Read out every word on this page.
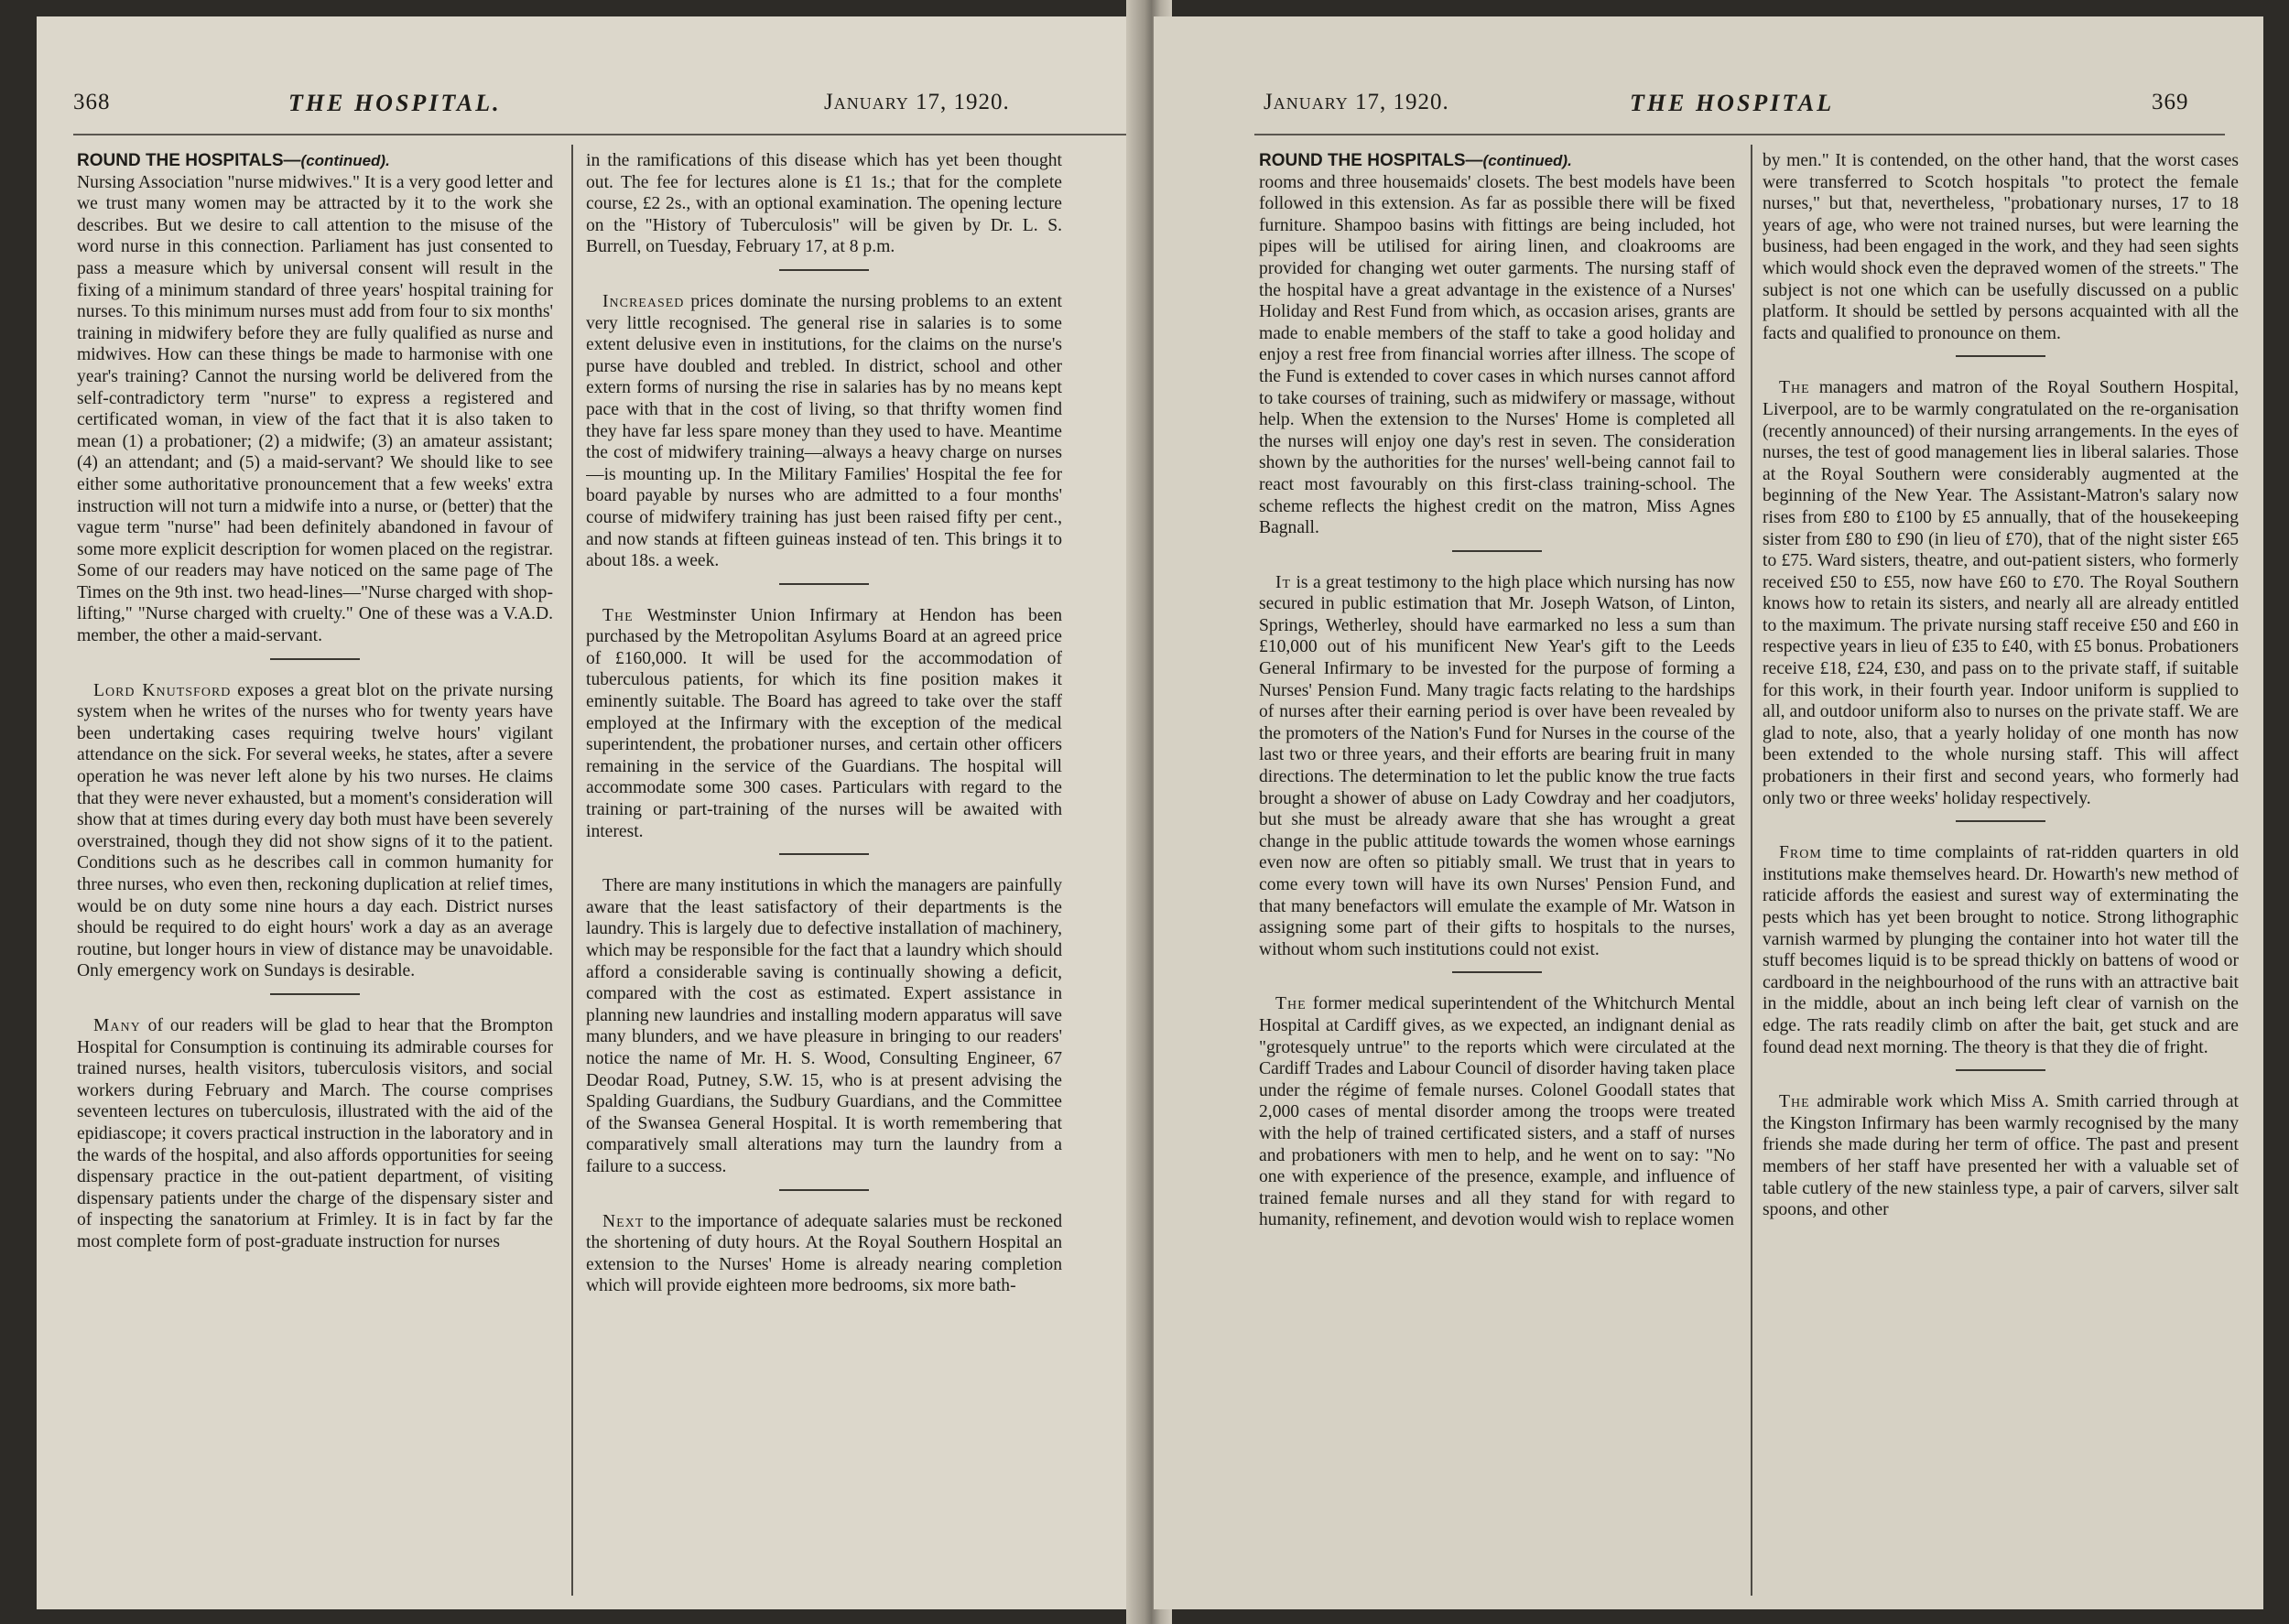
368	THE HOSPITAL.	January 17, 1920.

ROUND THE HOSPITALS—(continued).

Nursing Association "nurse midwives." It is a very good letter and we trust many women may be attracted by it to the work she describes. But we desire to call attention to the misuse of the word nurse in this connection. Parliament has just consented to pass a measure which by universal consent will result in the fixing of a minimum standard of three years' hospital training for nurses. To this minimum nurses must add from four to six months' training in midwifery before they are fully qualified as nurse and midwives. How can these things be made to harmonise with one year's training? Cannot the nursing world be delivered from the self-contradictory term "nurse" to express a registered and certificated woman, in view of the fact that it is also taken to mean (1) a probationer; (2) a midwife; (3) an amateur assistant; (4) an attendant; and (5) a maid-servant? We should like to see either some authoritative pronouncement that a few weeks' extra instruction will not turn a midwife into a nurse, or (better) that the vague term "nurse" had been definitely abandoned in favour of some more explicit description for women placed on the registrar. Some of our readers may have noticed on the same page of The Times on the 9th inst. two head-lines—"Nurse charged with shop-lifting," "Nurse charged with cruelty." One of these was a V.A.D. member, the other a maid-servant.

Lord Knutsford exposes a great blot on the private nursing system when he writes of the nurses who for twenty years have been undertaking cases requiring twelve hours' vigilant attendance on the sick. For several weeks, he states, after a severe operation he was never left alone by his two nurses. He claims that they were never exhausted, but a moment's consideration will show that at times during every day both must have been severely overstrained, though they did not show signs of it to the patient. Conditions such as he describes call in common humanity for three nurses, who even then, reckoning duplication at relief times, would be on duty some nine hours a day each. District nurses should be required to do eight hours' work a day as an average routine, but longer hours in view of distance may be unavoidable. Only emergency work on Sundays is desirable.

Many of our readers will be glad to hear that the Brompton Hospital for Consumption is continuing its admirable courses for trained nurses, health visitors, tuberculosis visitors, and social workers during February and March. The course comprises seventeen lectures on tuberculosis, illustrated with the aid of the epidiascope; it covers practical instruction in the laboratory and in the wards of the hospital, and also affords opportunities for seeing dispensary practice in the out-patient department, of visiting dispensary patients under the charge of the dispensary sister and of inspecting the sanatorium at Frimley. It is in fact by far the most complete form of post-graduate instruction for nurses

in the ramifications of this disease which has yet been thought out. The fee for lectures alone is £1 1s.; that for the complete course, £2 2s., with an optional examination. The opening lecture on the "History of Tuberculosis" will be given by Dr. L. S. Burrell, on Tuesday, February 17, at 8 p.m.

Increased prices dominate the nursing problems to an extent very little recognised. The general rise in salaries is to some extent delusive even in institutions, for the claims on the nurse's purse have doubled and trebled. In district, school and other extern forms of nursing the rise in salaries has by no means kept pace with that in the cost of living, so that thrifty women find they have far less spare money than they used to have. Meantime the cost of midwifery training—always a heavy charge on nurses—is mounting up. In the Military Families' Hospital the fee for board payable by nurses who are admitted to a four months' course of midwifery training has just been raised fifty per cent., and now stands at fifteen guineas instead of ten. This brings it to about 18s. a week.

The Westminster Union Infirmary at Hendon has been purchased by the Metropolitan Asylums Board at an agreed price of £160,000. It will be used for the accommodation of tuberculous patients, for which its fine position makes it eminently suitable. The Board has agreed to take over the staff employed at the Infirmary with the exception of the medical superintendent, the probationer nurses, and certain other officers remaining in the service of the Guardians. The hospital will accommodate some 300 cases. Particulars with regard to the training or part-training of the nurses will be awaited with interest.

There are many institutions in which the managers are painfully aware that the least satisfactory of their departments is the laundry. This is largely due to defective installation of machinery, which may be responsible for the fact that a laundry which should afford a considerable saving is continually showing a deficit, compared with the cost as estimated. Expert assistance in planning new laundries and installing modern apparatus will save many blunders, and we have pleasure in bringing to our readers' notice the name of Mr. H. S. Wood, Consulting Engineer, 67 Deodar Road, Putney, S.W. 15, who is at present advising the Spalding Guardians, the Sudbury Guardians, and the Committee of the Swansea General Hospital. It is worth remembering that comparatively small alterations may turn the laundry from a failure to a success.

Next to the importance of adequate salaries must be reckoned the shortening of duty hours. At the Royal Southern Hospital an extension to the Nurses' Home is already nearing completion which will provide eighteen more bedrooms, six more bath-

January 17, 1920.	THE HOSPITAL	369

ROUND THE HOSPITALS—(continued).

rooms and three housemaids' closets. The best models have been followed in this extension. As far as possible there will be fixed furniture. Shampoo basins with fittings are being included, hot pipes will be utilised for airing linen, and cloakrooms are provided for changing wet outer garments. The nursing staff of the hospital have a great advantage in the existence of a Nurses' Holiday and Rest Fund from which, as occasion arises, grants are made to enable members of the staff to take a good holiday and enjoy a rest free from financial worries after illness. The scope of the Fund is extended to cover cases in which nurses cannot afford to take courses of training, such as midwifery or massage, without help. When the extension to the Nurses' Home is completed all the nurses will enjoy one day's rest in seven. The consideration shown by the authorities for the nurses' well-being cannot fail to react most favourably on this first-class training-school. The scheme reflects the highest credit on the matron, Miss Agnes Bagnall.

It is a great testimony to the high place which nursing has now secured in public estimation that Mr. Joseph Watson, of Linton, Springs, Wetherley, should have earmarked no less a sum than £10,000 out of his munificent New Year's gift to the Leeds General Infirmary to be invested for the purpose of forming a Nurses' Pension Fund. Many tragic facts relating to the hardships of nurses after their earning period is over have been revealed by the promoters of the Nation's Fund for Nurses in the course of the last two or three years, and their efforts are bearing fruit in many directions. The determination to let the public know the true facts brought a shower of abuse on Lady Cowdray and her coadjutors, but she must be already aware that she has wrought a great change in the public attitude towards the women whose earnings even now are often so pitiably small. We trust that in years to come every town will have its own Nurses' Pension Fund, and that many benefactors will emulate the example of Mr. Watson in assigning some part of their gifts to hospitals to the nurses, without whom such institutions could not exist.

The former medical superintendent of the Whitchurch Mental Hospital at Cardiff gives, as we expected, an indignant denial as "grotesquely untrue" to the reports which were circulated at the Cardiff Trades and Labour Council of disorder having taken place under the régime of female nurses. Colonel Goodall states that 2,000 cases of mental disorder among the troops were treated with the help of trained certificated sisters, and a staff of nurses and probationers with men to help, and he went on to say: "No one with experience of the presence, example, and influence of trained female nurses and all they stand for with regard to humanity, refinement, and devotion would wish to replace women

by men." It is contended, on the other hand, that the worst cases were transferred to Scotch hospitals "to protect the female nurses," but that, nevertheless, "probationary nurses, 17 to 18 years of age, who were not trained nurses, but were learning the business, had been engaged in the work, and they had seen sights which would shock even the depraved women of the streets." The subject is not one which can be usefully discussed on a public platform. It should be settled by persons acquainted with all the facts and qualified to pronounce on them.

The managers and matron of the Royal Southern Hospital, Liverpool, are to be warmly congratulated on the re-organisation (recently announced) of their nursing arrangements. In the eyes of nurses, the test of good management lies in liberal salaries. Those at the Royal Southern were considerably augmented at the beginning of the New Year. The Assistant-Matron's salary now rises from £80 to £100 by £5 annually, that of the housekeeping sister from £80 to £90 (in lieu of £70), that of the night sister £65 to £75. Ward sisters, theatre, and out-patient sisters, who formerly received £50 to £55, now have £60 to £70. The Royal Southern knows how to retain its sisters, and nearly all are already entitled to the maximum. The private nursing staff receive £50 and £60 in respective years in lieu of £35 to £40, with £5 bonus. Probationers receive £18, £24, £30, and pass on to the private staff, if suitable for this work, in their fourth year. Indoor uniform is supplied to all, and outdoor uniform also to nurses on the private staff. We are glad to note, also, that a yearly holiday of one month has now been extended to the whole nursing staff. This will affect probationers in their first and second years, who formerly had only two or three weeks' holiday respectively.

From time to time complaints of rat-ridden quarters in old institutions make themselves heard. Dr. Howarth's new method of raticide affords the easiest and surest way of exterminating the pests which has yet been brought to notice. Strong lithographic varnish warmed by plunging the container into hot water till the stuff becomes liquid is to be spread thickly on battens of wood or cardboard in the neighbourhood of the runs with an attractive bait in the middle, about an inch being left clear of varnish on the edge. The rats readily climb on after the bait, get stuck and are found dead next morning. The theory is that they die of fright.

The admirable work which Miss A. Smith carried through at the Kingston Infirmary has been warmly recognised by the many friends she made during her term of office. The past and present members of her staff have presented her with a valuable set of table cutlery of the new stainless type, a pair of carvers, silver salt spoons, and other
